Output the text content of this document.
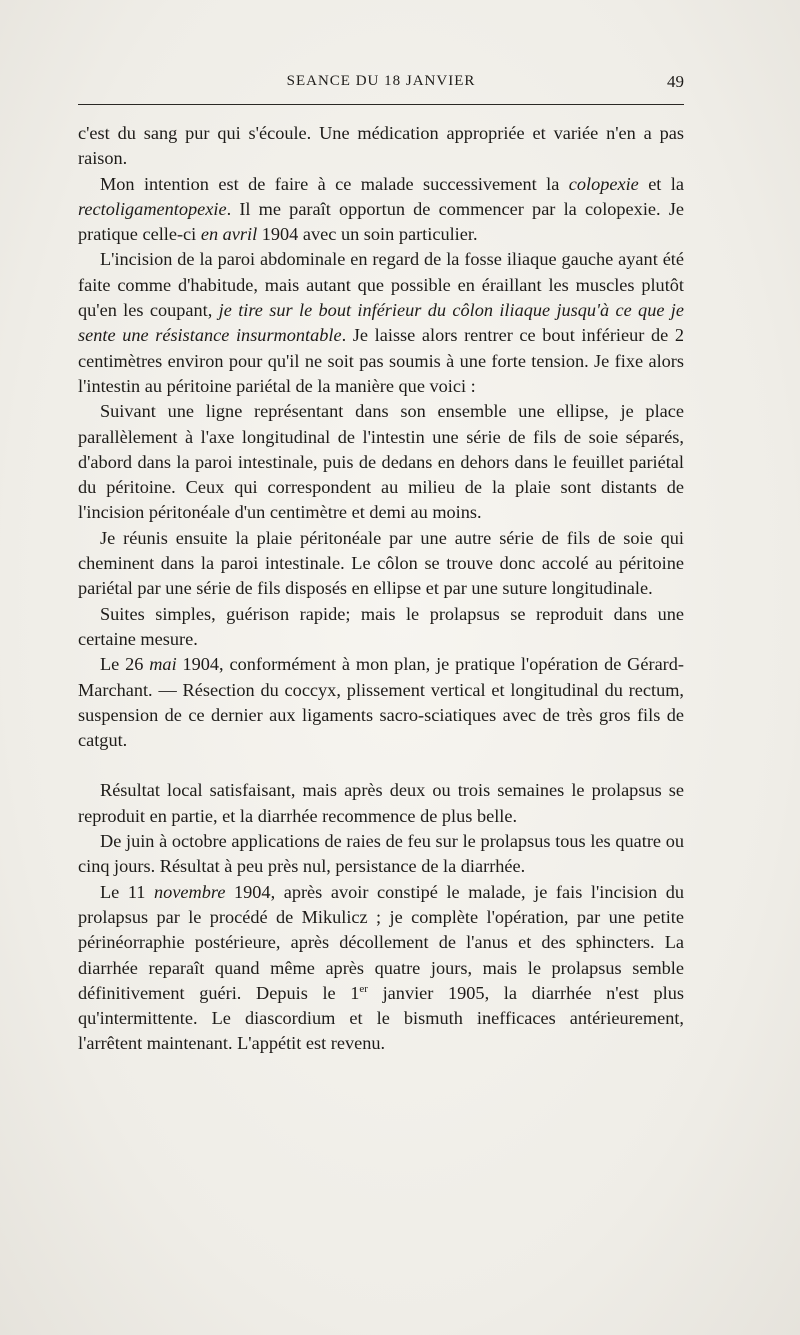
SEANCE DU 18 JANVIER	49

c'est du sang pur qui s'écoule. Une médication appropriée et variée n'en a pas raison.

Mon intention est de faire à ce malade successivement la colopexie et la rectoligamentopexie. Il me paraît opportun de commencer par la colopexie. Je pratique celle-ci en avril 1904 avec un soin particulier.

L'incision de la paroi abdominale en regard de la fosse iliaque gauche ayant été faite comme d'habitude, mais autant que possible en éraillant les muscles plutôt qu'en les coupant, je tire sur le bout inférieur du côlon iliaque jusqu'à ce que je sente une résistance insurmontable. Je laisse alors rentrer ce bout inférieur de 2 centimètres environ pour qu'il ne soit pas soumis à une forte tension. Je fixe alors l'intestin au péritoine pariétal de la manière que voici :

Suivant une ligne représentant dans son ensemble une ellipse, je place parallèlement à l'axe longitudinal de l'intestin une série de fils de soie séparés, d'abord dans la paroi intestinale, puis de dedans en dehors dans le feuillet pariétal du péritoine. Ceux qui correspondent au milieu de la plaie sont distants de l'incision péritonéale d'un centimètre et demi au moins.

Je réunis ensuite la plaie péritonéale par une autre série de fils de soie qui cheminent dans la paroi intestinale. Le côlon se trouve donc accolé au péritoine pariétal par une série de fils disposés en ellipse et par une suture longitudinale.

Suites simples, guérison rapide; mais le prolapsus se reproduit dans une certaine mesure.

Le 26 mai 1904, conformément à mon plan, je pratique l'opération de Gérard-Marchant. — Résection du coccyx, plissement vertical et longitudinal du rectum, suspension de ce dernier aux ligaments sacro-sciatiques avec de très gros fils de catgut.

Résultat local satisfaisant, mais après deux ou trois semaines le prolapsus se reproduit en partie, et la diarrhée recommence de plus belle.

De juin à octobre applications de raies de feu sur le prolapsus tous les quatre ou cinq jours. Résultat à peu près nul, persistance de la diarrhée.

Le 11 novembre 1904, après avoir constipé le malade, je fais l'incision du prolapsus par le procédé de Mikulicz ; je complète l'opération, par une petite périnéorraphie postérieure, après décollement de l'anus et des sphincters. La diarrhée reparaît quand même après quatre jours, mais le prolapsus semble définitivement guéri. Depuis le 1er janvier 1905, la diarrhée n'est plus qu'intermittente. Le diascordium et le bismuth inefficaces antérieurement, l'arrêtent maintenant. L'appétit est revenu.
